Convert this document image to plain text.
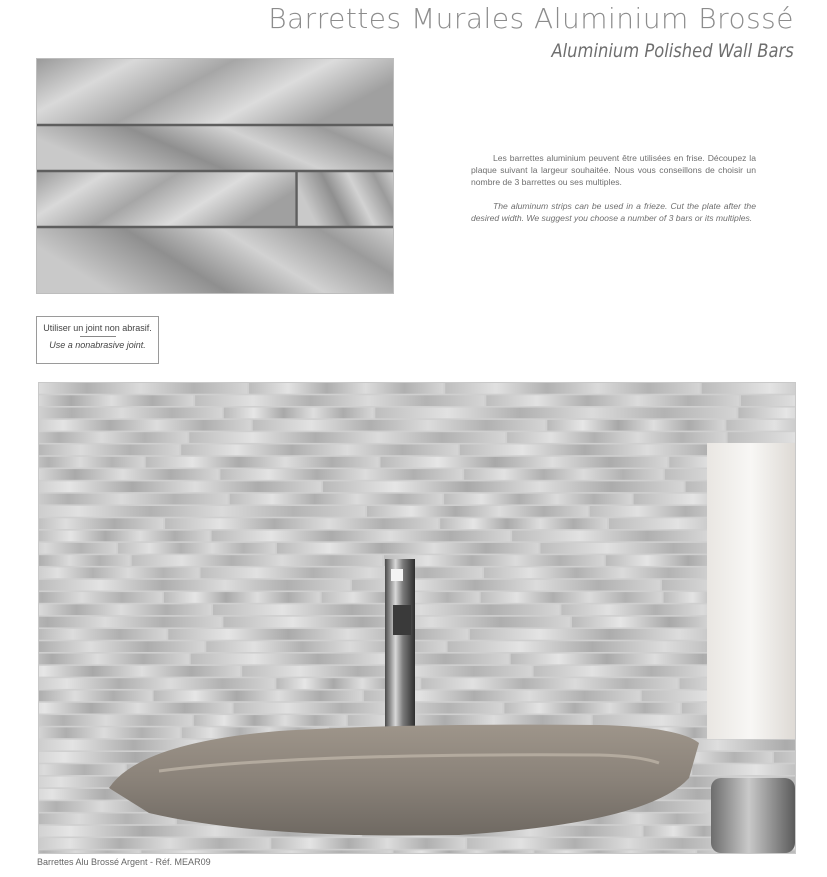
Barrettes Murales Aluminium Brossé
Aluminium Polished Wall Bars

Les barrettes aluminium peuvent être utilisées en frise. Découpez la plaque suivant la largeur souhaitée. Nous vous conseillons de choisir un nombre de 3 barrettes ou ses multiples.

The aluminum strips can be used in a frieze. Cut the plate after the desired width. We suggest you choose a number of 3 bars or its multiples.

Utiliser un joint non abrasif.
Use a nonabrasive joint.
Barrettes Alu Brossé Argent - Réf. MEAR09
